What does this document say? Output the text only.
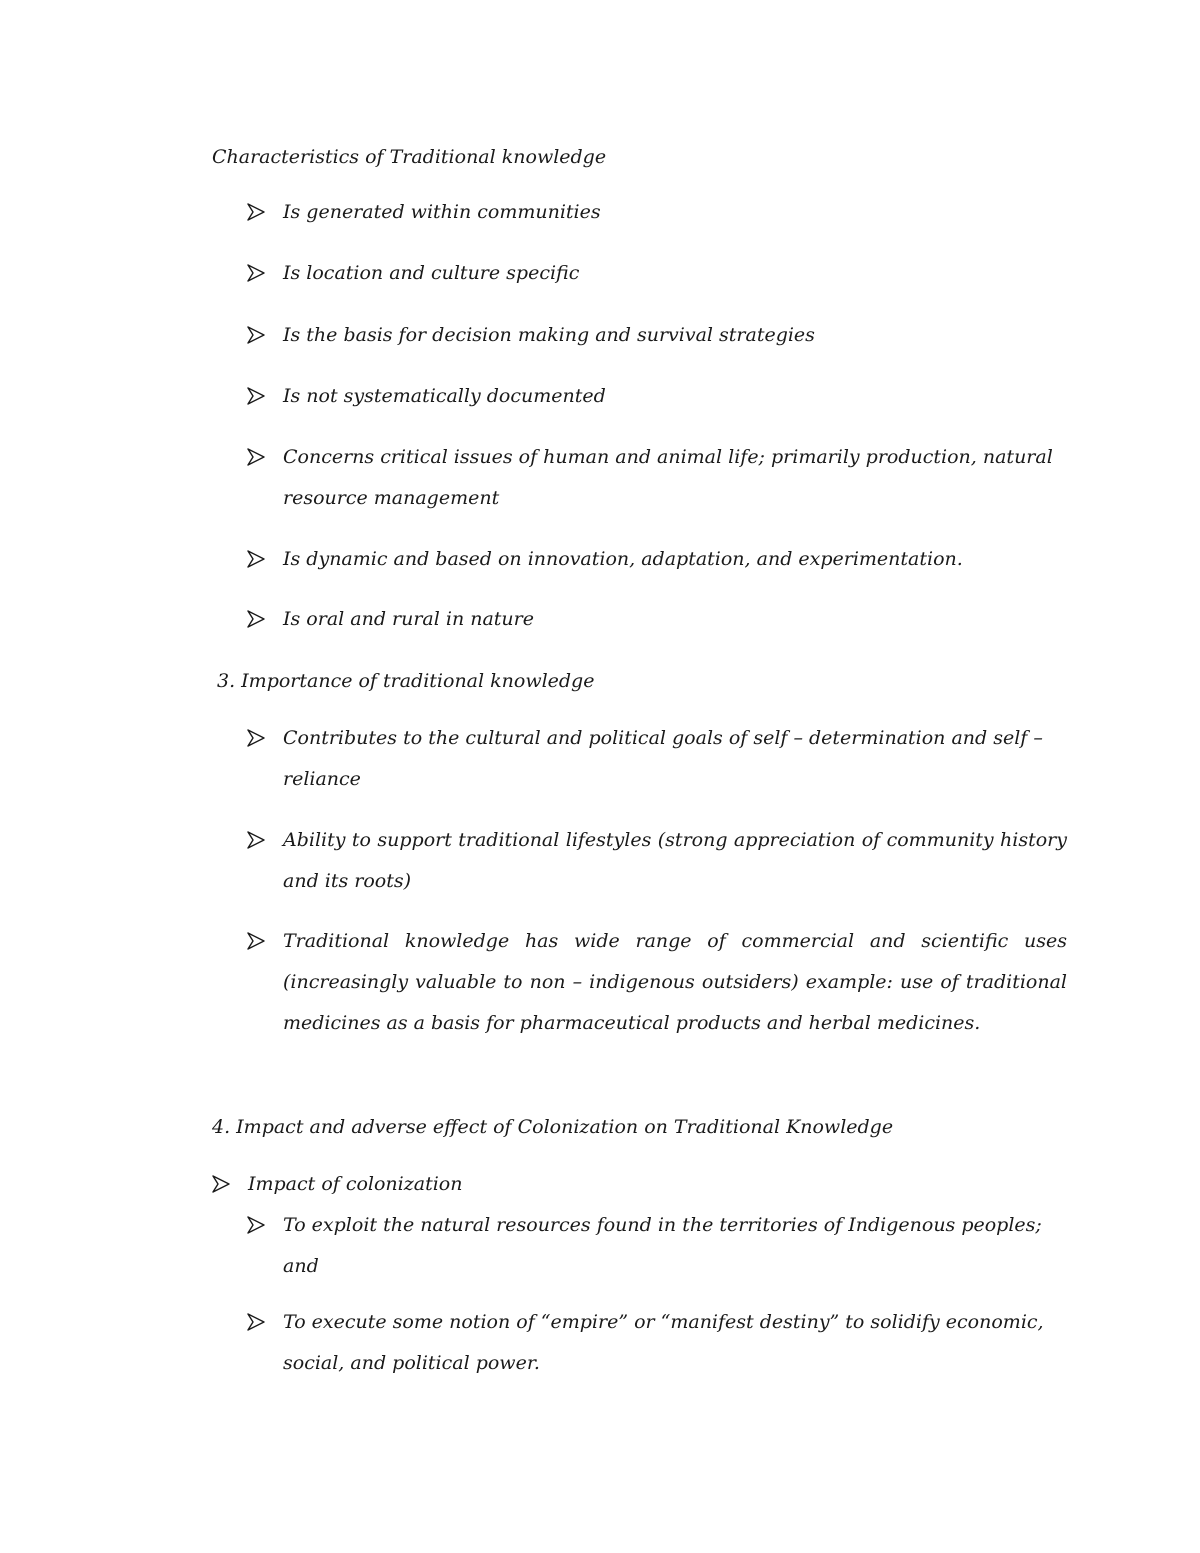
Characteristics of Traditional knowledge
Is generated within communities
Is location and culture specific
Is the basis for decision making and survival strategies
Is not systematically documented
Concerns critical issues of human and animal life; primarily production, natural resource management
Is dynamic and based on innovation, adaptation, and experimentation.
Is oral and rural in nature
3. Importance of traditional knowledge
Contributes to the cultural and political goals of self – determination and self – reliance
Ability to support traditional lifestyles (strong appreciation of community history and its roots)
Traditional knowledge has wide range of commercial and scientific uses (increasingly valuable to non – indigenous outsiders) example: use of traditional medicines as a basis for pharmaceutical products and herbal medicines.
4. Impact and adverse effect of Colonization on Traditional Knowledge
Impact of colonization
To exploit the natural resources found in the territories of Indigenous peoples; and
To execute some notion of “empire” or “manifest destiny” to solidify economic, social, and political power.
